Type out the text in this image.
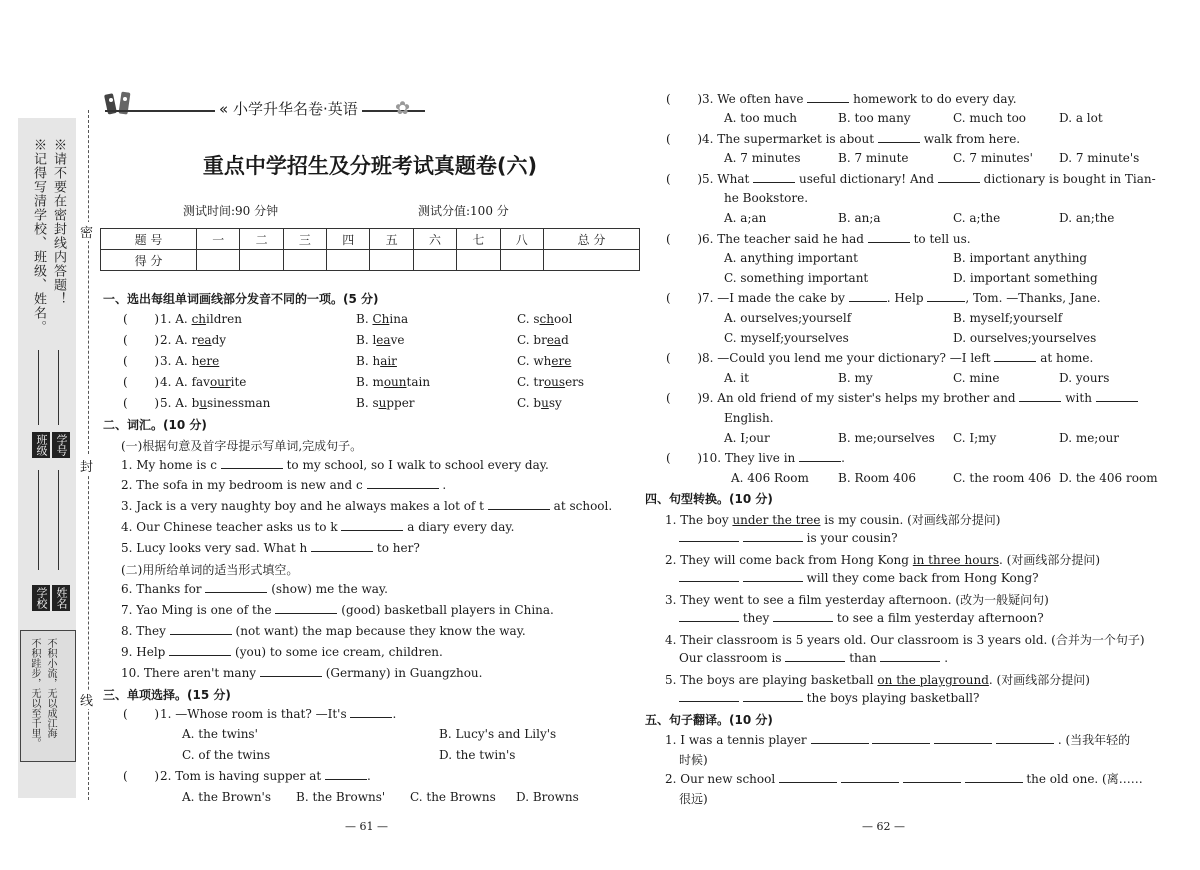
※请不要在密封线内答题！
※记得写清学校、班级、姓名。
班级 学号
学校 姓名
不积小流，无以成江海
不积跬步，无以至千里。
密
封
线
« 小学升华名卷·英语 ✿
重点中学招生及分班考试真题卷(六)
测试时间:90 分钟	测试分值:100 分
题 号	一	二	三	四	五	六	七	八	总 分
得 分									
一、选出每组单词画线部分发音不同的一项。(5 分)
(       ) 1. A. children	B. China	C. school
(       ) 2. A. ready	B. leave	C. bread
(       ) 3. A. here	B. hair	C. where
(       ) 4. A. favourite	B. mountain	C. trousers
(       ) 5. A. businessman	B. supper	C. busy
二、词汇。(10 分)
(一)根据句意及首字母提示写单词,完成句子。
1. My home is c	to my school, so I walk to school every day.
2. The sofa in my bedroom is new and c	.
3. Jack is a very naughty boy and he always makes a lot of t	at school.
4. Our Chinese teacher asks us to k	a diary every day.
5. Lucy looks very sad. What h	to her?
(二)用所给单词的适当形式填空。
6. Thanks for	(show) me the way.
7. Yao Ming is one of the	(good) basketball players in China.
8. They	(not want) the map because they know the way.
9. Help	(you) to some ice cream, children.
10. There aren't many	(Germany) in Guangzhou.
三、单项选择。(15 分)
(       ) 1. —Whose room is that? —It's	.
A. the twins'	B. Lucy's and Lily's
C. of the twins	D. the twin's
(       ) 2. Tom is having supper at	.
A. the Brown's B. the Browns' C. the Browns D. Browns
— 61 —
(       ) 3. We often have	homework to do every day.
A. too much	B. too many	C. much too	D. a lot
(       ) 4. The supermarket is about	walk from here.
A. 7 minutes	B. 7 minute	C. 7 minutes' D. 7 minute's
(       ) 5. What	useful dictionary! And	dictionary is bought in Tian-
he Bookstore.
A. a;an	B. an;a	C. a;the	D. an;the
(       ) 6. The teacher said he had	to tell us.
A. anything important	B. important anything
C. something important	D. important something
(       ) 7. —I made the cake by	. Help	, Tom. —Thanks, Jane.
A. ourselves;yourself	B. myself;yourself
C. myself;yourselves	D. ourselves;yourselves
(       ) 8. —Could you lend me your dictionary? —I left	at home.
A. it	B. my	C. mine	D. yours
(       ) 9. An old friend of my sister's helps my brother and	with
English.
A. I;our	B. me;ourselves C. I;my	D. me;our
(       ) 10. They live in	.
A. 406 Room B. Room 406	C. the room 406 D. the 406 room
四、句型转换。(10 分)
1. The boy under the tree is my cousin. (对画线部分提问)
is your cousin?
2. They will come back from Hong Kong in three hours. (对画线部分提问)
will they come back from Hong Kong?
3. They went to see a film yesterday afternoon. (改为一般疑问句)
they	to see a film yesterday afternoon?
4. Their classroom is 5 years old. Our classroom is 3 years old. (合并为一个句子)
Our classroom is	than	.
5. The boys are playing basketball on the playground. (对画线部分提问)
the boys playing basketball?
五、句子翻译。(10 分)
1. I was a tennis player	. (当我年轻的
时候)
2. Our new school	the old one. (离……
很远)
— 62 —
